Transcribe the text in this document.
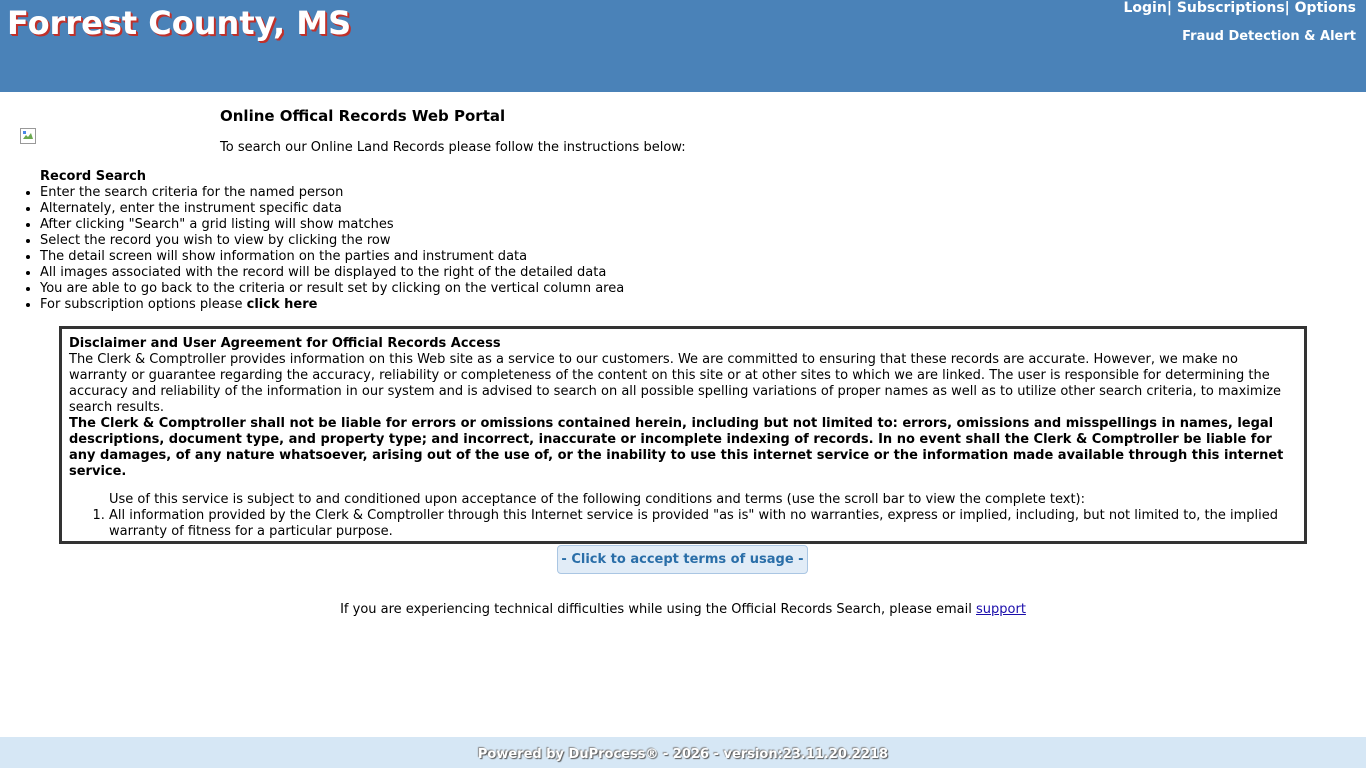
Forrest County, MS	Login| Subscriptions| Options
Fraud Detection & Alert
Online Offical Records Web Portal
To search our Online Land Records please follow the instructions below:
Record Search
• Enter the search criteria for the named person
• Alternately, enter the instrument specific data
• After clicking "Search" a grid listing will show matches
• Select the record you wish to view by clicking the row
• The detail screen will show information on the parties and instrument data
• All images associated with the record will be displayed to the right of the detailed data
• You are able to go back to the criteria or result set by clicking on the vertical column area
• For subscription options please click here
Disclaimer and User Agreement for Official Records Access
The Clerk & Comptroller provides information on this Web site as a service to our customers. We are committed to ensuring that these records are accurate. However, we make no warranty or guarantee regarding the accuracy, reliability or completeness of the content on this site or at other sites to which we are linked. The user is responsible for determining the accuracy and reliability of the information in our system and is advised to search on all possible spelling variations of proper names as well as to utilize other search criteria, to maximize search results.
The Clerk & Comptroller shall not be liable for errors or omissions contained herein, including but not limited to: errors, omissions and misspellings in names, legal descriptions, document type, and property type; and incorrect, inaccurate or incomplete indexing of records. In no event shall the Clerk & Comptroller be liable for any damages, of any nature whatsoever, arising out of the use of, or the inability to use this internet service or the information made available through this internet service.
Use of this service is subject to and conditioned upon acceptance of the following conditions and terms (use the scroll bar to view the complete text):
1. All information provided by the Clerk & Comptroller through this Internet service is provided "as is" with no warranties, express or implied, including, but not limited to, the implied warranty of fitness for a particular purpose.
2.
- Click to accept terms of usage -
If you are experiencing technical difficulties while using the Official Records Search, please email support
Powered by DuProcess® - 2026 - version:23.11.20.2218
